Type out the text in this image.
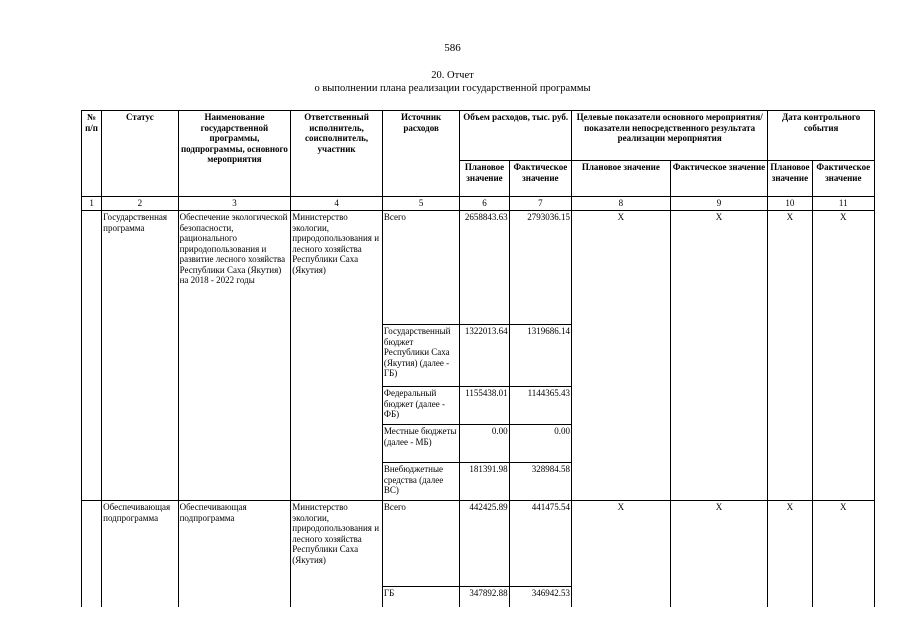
586
20. Отчет
о выполнении плана реализации государственной программы
№ п/п	Статус	Наименование государственной программы, подпрограммы, основного мероприятия	Ответственный исполнитель, соисполнитель, участник	Источник расходов	Объем расходов, тыс. руб.		Целевые показатели основного мероприятия/показатели непосредственного результата реализации мероприятия		Дата контрольного события	
					Плановое значение	Фактическое значение	Плановое значение	Фактическое значение	Плановое значение	Фактическое значение
1	2	3	4	5	6	7	8	9	10	11
	Государственная программа	Обеспечение экологической безопасности, рационального природопользования и развитие лесного хозяйства Республики Саха (Якутия) на 2018 - 2022 годы	Министерство экологии, природопользования и лесного хозяйства Республики Саха (Якутия)	Всего	2658843.63	2793036.15	X	X	X	X
				Государственный бюджет Республики Саха (Якутия) (далее - ГБ)	1322013.64	1319686.14				
				Федеральный бюджет (далее - ФБ)	1155438.01	1144365.43				
				Местные бюджеты (далее - МБ)	0.00	0.00				
				Внебюджетные средства (далее ВС)	181391.98	328984.58				
	Обеспечивающая подпрограмма	Обеспечивающая подпрограмма	Министерство экологии, природопользования и лесного хозяйства Республики Саха (Якутия)	Всего	442425.89	441475.54	X	X	X	X
				ГБ	347892.88	346942.53				
